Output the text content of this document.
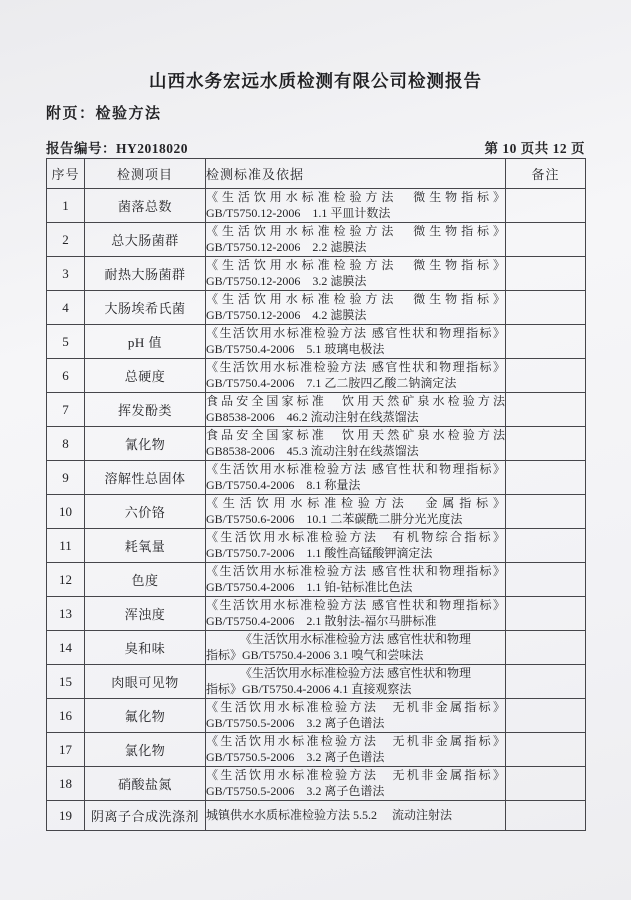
山西水务宏远水质检测有限公司检测报告
附页：检验方法
报告编号：HY2018020	第 10 页共 12 页
序号	检测项目	检测标准及依据	备注
1	菌落总数	《生活饮用水标准检验方法　微生物指标》
GB/T5750.12-2006　1.1 平皿计数法	

2	总大肠菌群	《生活饮用水标准检验方法　微生物指标》
GB/T5750.12-2006　2.2 滤膜法	

3	耐热大肠菌群	《生活饮用水标准检验方法　微生物指标》
GB/T5750.12-2006　3.2 滤膜法	

4	大肠埃希氏菌	《生活饮用水标准检验方法　微生物指标》
GB/T5750.12-2006　4.2 滤膜法	

5	pH 值	《生活饮用水标准检验方法 感官性状和物理指标》
GB/T5750.4-2006　5.1 玻璃电极法	

6	总硬度	《生活饮用水标准检验方法 感官性状和物理指标》
GB/T5750.4-2006　7.1 乙二胺四乙酸二钠滴定法	

7	挥发酚类	食品安全国家标准　饮用天然矿泉水检验方法
GB8538-2006　46.2 流动注射在线蒸馏法	

8	氰化物	食品安全国家标准　饮用天然矿泉水检验方法
GB8538-2006　45.3 流动注射在线蒸馏法	

9	溶解性总固体	《生活饮用水标准检验方法 感官性状和物理指标》
GB/T5750.4-2006　8.1 称量法	

10	六价铬	《生活饮用水标准检验方法　金属指标》
GB/T5750.6-2006　10.1 二苯碳酰二肼分光光度法	

11	耗氧量	《生活饮用水标准检验方法　有机物综合指标》
GB/T5750.7-2006　1.1 酸性高锰酸钾滴定法	

12	色度	《生活饮用水标准检验方法 感官性状和物理指标》
GB/T5750.4-2006　1.1 铂-钴标准比色法	

13	浑浊度	《生活饮用水标准检验方法 感官性状和物理指标》
GB/T5750.4-2006　2.1 散射法-福尔马肼标准	

14	臭和味	《生活饮用水标准检验方法 感官性状和物理
指标》GB/T5750.4-2006 3.1 嗅气和尝味法	

15	肉眼可见物	《生活饮用水标准检验方法 感官性状和物理
指标》GB/T5750.4-2006 4.1 直接观察法	

16	氟化物	《生活饮用水标准检验方法　无机非金属指标》
GB/T5750.5-2006　3.2 离子色谱法	

17	氯化物	《生活饮用水标准检验方法　无机非金属指标》
GB/T5750.5-2006　3.2 离子色谱法	

18	硝酸盐氮	《生活饮用水标准检验方法　无机非金属指标》
GB/T5750.5-2006　3.2 离子色谱法	

19	阴离子合成洗涤剂	城镇供水水质标准检验方法 5.5.2　 流动注射法	
